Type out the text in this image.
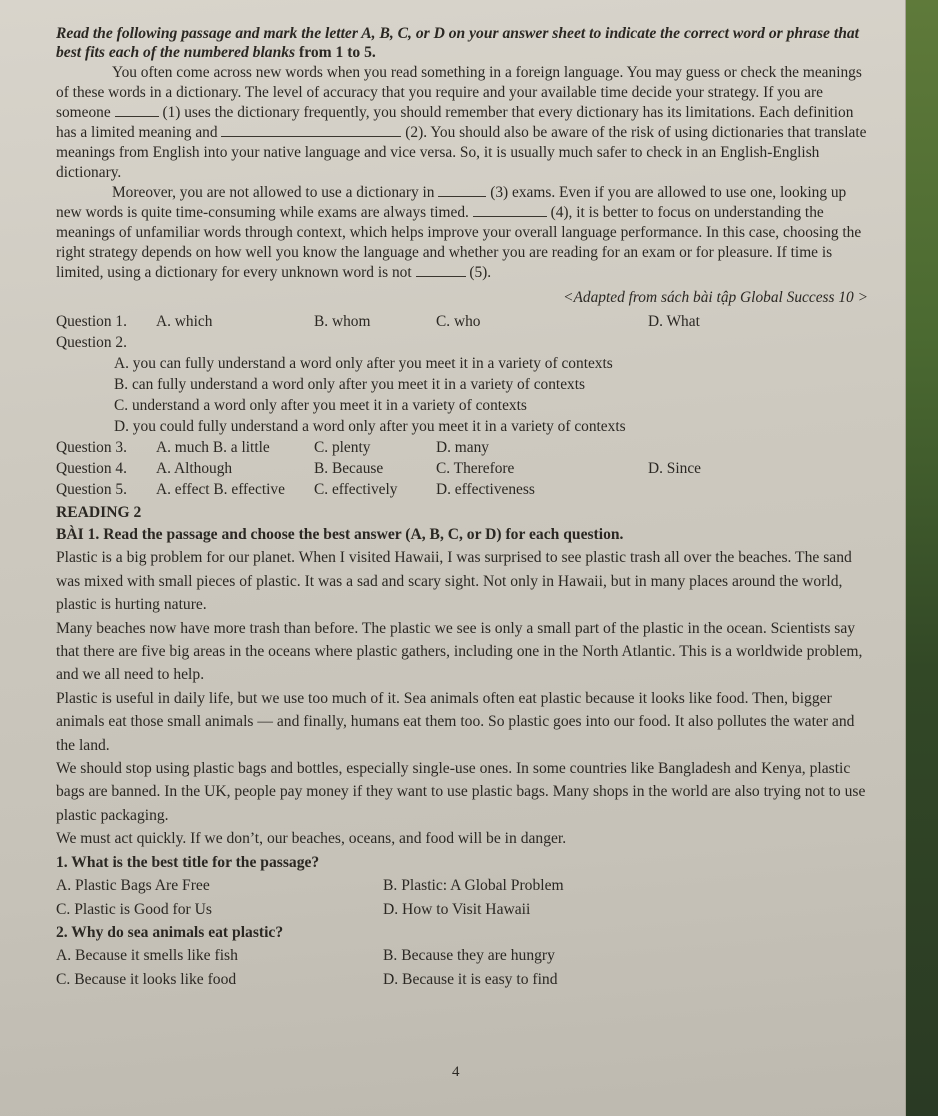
Read the following passage and mark the letter A, B, C, or D on your answer sheet to indicate the correct word or phrase that best fits each of the numbered blanks from 1 to 5.

You often come across new words when you read something in a foreign language. You may guess or check the meanings of these words in a dictionary. The level of accuracy that you require and your available time decide your strategy. If you are someone	(1) uses the dictionary frequently, you should remember that every dictionary has its limitations. Each definition has a limited meaning and	(2). You should also be aware of the risk of using dictionaries that translate meanings from English into your native language and vice versa. So, it is usually much safer to check in an English-English dictionary.

Moreover, you are not allowed to use a dictionary in	(3) exams. Even if you are allowed to use one, looking up new words is quite time-consuming while exams are always timed.	(4), it is better to focus on understanding the meanings of unfamiliar words through context, which helps improve your overall language performance. In this case, choosing the right strategy depends on how well you know the language and whether you are reading for an exam or for pleasure. If time is limited, using a dictionary for every unknown word is not	(5).

<Adapted from sách bài tập Global Success 10 >

Question 1.	A. which	B. whom	C. who	D. What
Question 2.
A. you can fully understand a word only after you meet it in a variety of contexts
B. can fully understand a word only after you meet it in a variety of contexts
C. understand a word only after you meet it in a variety of contexts
D. you could fully understand a word only after you meet it in a variety of contexts
Question 3.	A. much B. a little	C. plenty	D. many
Question 4.	A. Although	B. Because	C. Therefore	D. Since
Question 5.	A. effect B. effective	C. effectively	D. effectiveness
READING 2
BÀI 1. Read the passage and choose the best answer (A, B, C, or D) for each question.

Plastic is a big problem for our planet. When I visited Hawaii, I was surprised to see plastic trash all over the beaches. The sand was mixed with small pieces of plastic. It was a sad and scary sight. Not only in Hawaii, but in many places around the world, plastic is hurting nature.

Many beaches now have more trash than before. The plastic we see is only a small part of the plastic in the ocean. Scientists say that there are five big areas in the oceans where plastic gathers, including one in the North Atlantic. This is a worldwide problem, and we all need to help.

Plastic is useful in daily life, but we use too much of it. Sea animals often eat plastic because it looks like food. Then, bigger animals eat those small animals — and finally, humans eat them too. So plastic goes into our food. It also pollutes the water and the land.

We should stop using plastic bags and bottles, especially single-use ones. In some countries like Bangladesh and Kenya, plastic bags are banned. In the UK, people pay money if they want to use plastic bags. Many shops in the world are also trying not to use plastic packaging.

We must act quickly. If we don’t, our beaches, oceans, and food will be in danger.

1. What is the best title for the passage?
A. Plastic Bags Are Free	B. Plastic: A Global Problem
C. Plastic is Good for Us	D. How to Visit Hawaii
2. Why do sea animals eat plastic?
A. Because it smells like fish	B. Because they are hungry
C. Because it looks like food	D. Because it is easy to find
4
